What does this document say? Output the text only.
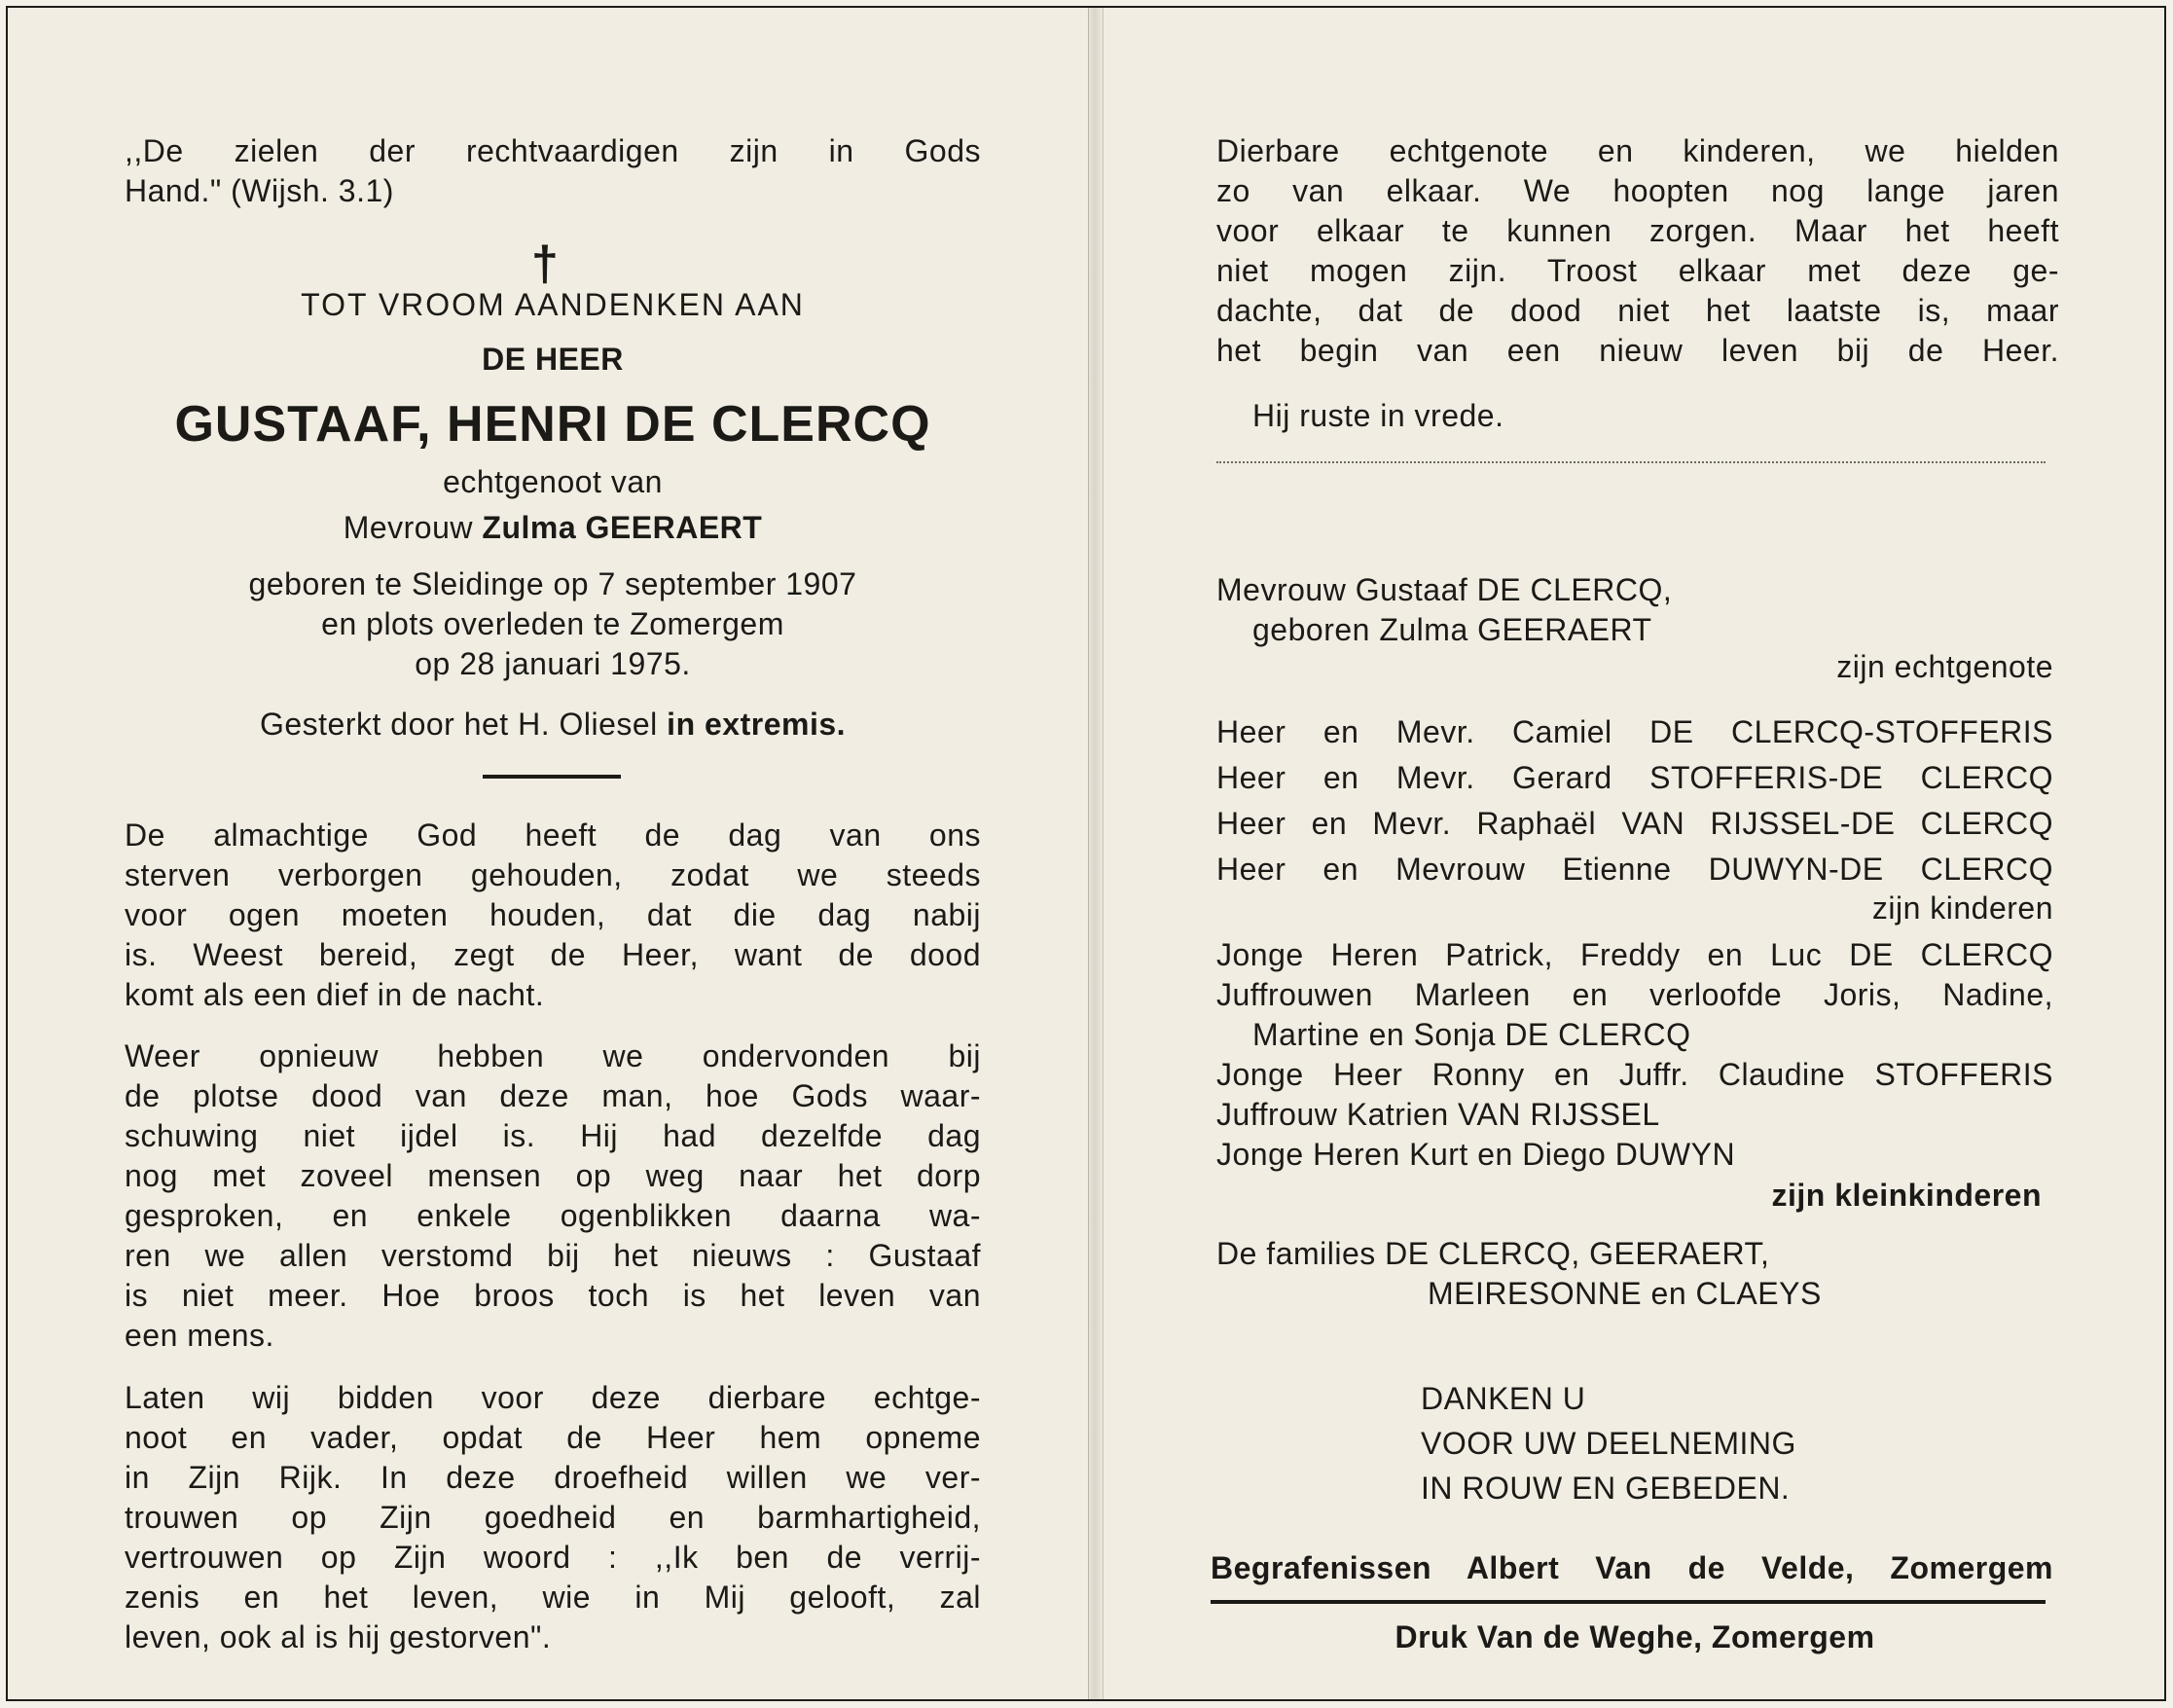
,,De zielen der rechtvaardigen zijn in Gods
Hand." (Wijsh. 3.1)
†
TOT VROOM AANDENKEN AAN
DE HEER
GUSTAAF, HENRI DE CLERCQ
echtgenoot van
Mevrouw Zulma GEERAERT
geboren te Sleidinge op 7 september 1907
en plots overleden te Zomergem
op 28 januari 1975.
Gesterkt door het H. Oliesel in extremis.
De almachtige God heeft de dag van ons
sterven verborgen gehouden, zodat we steeds
voor ogen moeten houden, dat die dag nabij
is. Weest bereid, zegt de Heer, want de dood
komt als een dief in de nacht.
Weer opnieuw hebben we ondervonden bij
de plotse dood van deze man, hoe Gods waar-
schuwing niet ijdel is. Hij had dezelfde dag
nog met zoveel mensen op weg naar het dorp
gesproken, en enkele ogenblikken daarna wa-
ren we allen verstomd bij het nieuws : Gustaaf
is niet meer. Hoe broos toch is het leven van
een mens.
Laten wij bidden voor deze dierbare echtge-
noot en vader, opdat de Heer hem opneme
in Zijn Rijk. In deze droefheid willen we ver-
trouwen op Zijn goedheid en barmhartigheid,
vertrouwen op Zijn woord : ,,Ik ben de verrij-
zenis en het leven, wie in Mij gelooft, zal
leven, ook al is hij gestorven".
Dierbare echtgenote en kinderen, we hielden
zo van elkaar. We hoopten nog lange jaren
voor elkaar te kunnen zorgen. Maar het heeft
niet mogen zijn. Troost elkaar met deze ge-
dachte, dat de dood niet het laatste is, maar
het begin van een nieuw leven bij de Heer.
Hij ruste in vrede.
Mevrouw Gustaaf DE CLERCQ,
geboren Zulma GEERAERT
zijn echtgenote
Heer en Mevr. Camiel DE CLERCQ-STOFFERIS
Heer en Mevr. Gerard STOFFERIS-DE CLERCQ
Heer en Mevr. Raphaël VAN RIJSSEL-DE CLERCQ
Heer en Mevrouw Etienne DUWYN-DE CLERCQ
zijn kinderen
Jonge Heren Patrick, Freddy en Luc DE CLERCQ
Juffrouwen Marleen en verloofde Joris, Nadine,
Martine en Sonja DE CLERCQ
Jonge Heer Ronny en Juffr. Claudine STOFFERIS
Juffrouw Katrien VAN RIJSSEL
Jonge Heren Kurt en Diego DUWYN
zijn kleinkinderen
De families DE CLERCQ, GEERAERT,
MEIRESONNE en CLAEYS
DANKEN U
VOOR UW DEELNEMING
IN ROUW EN GEBEDEN.
Begrafenissen Albert Van de Velde, Zomergem
Druk Van de Weghe, Zomergem
